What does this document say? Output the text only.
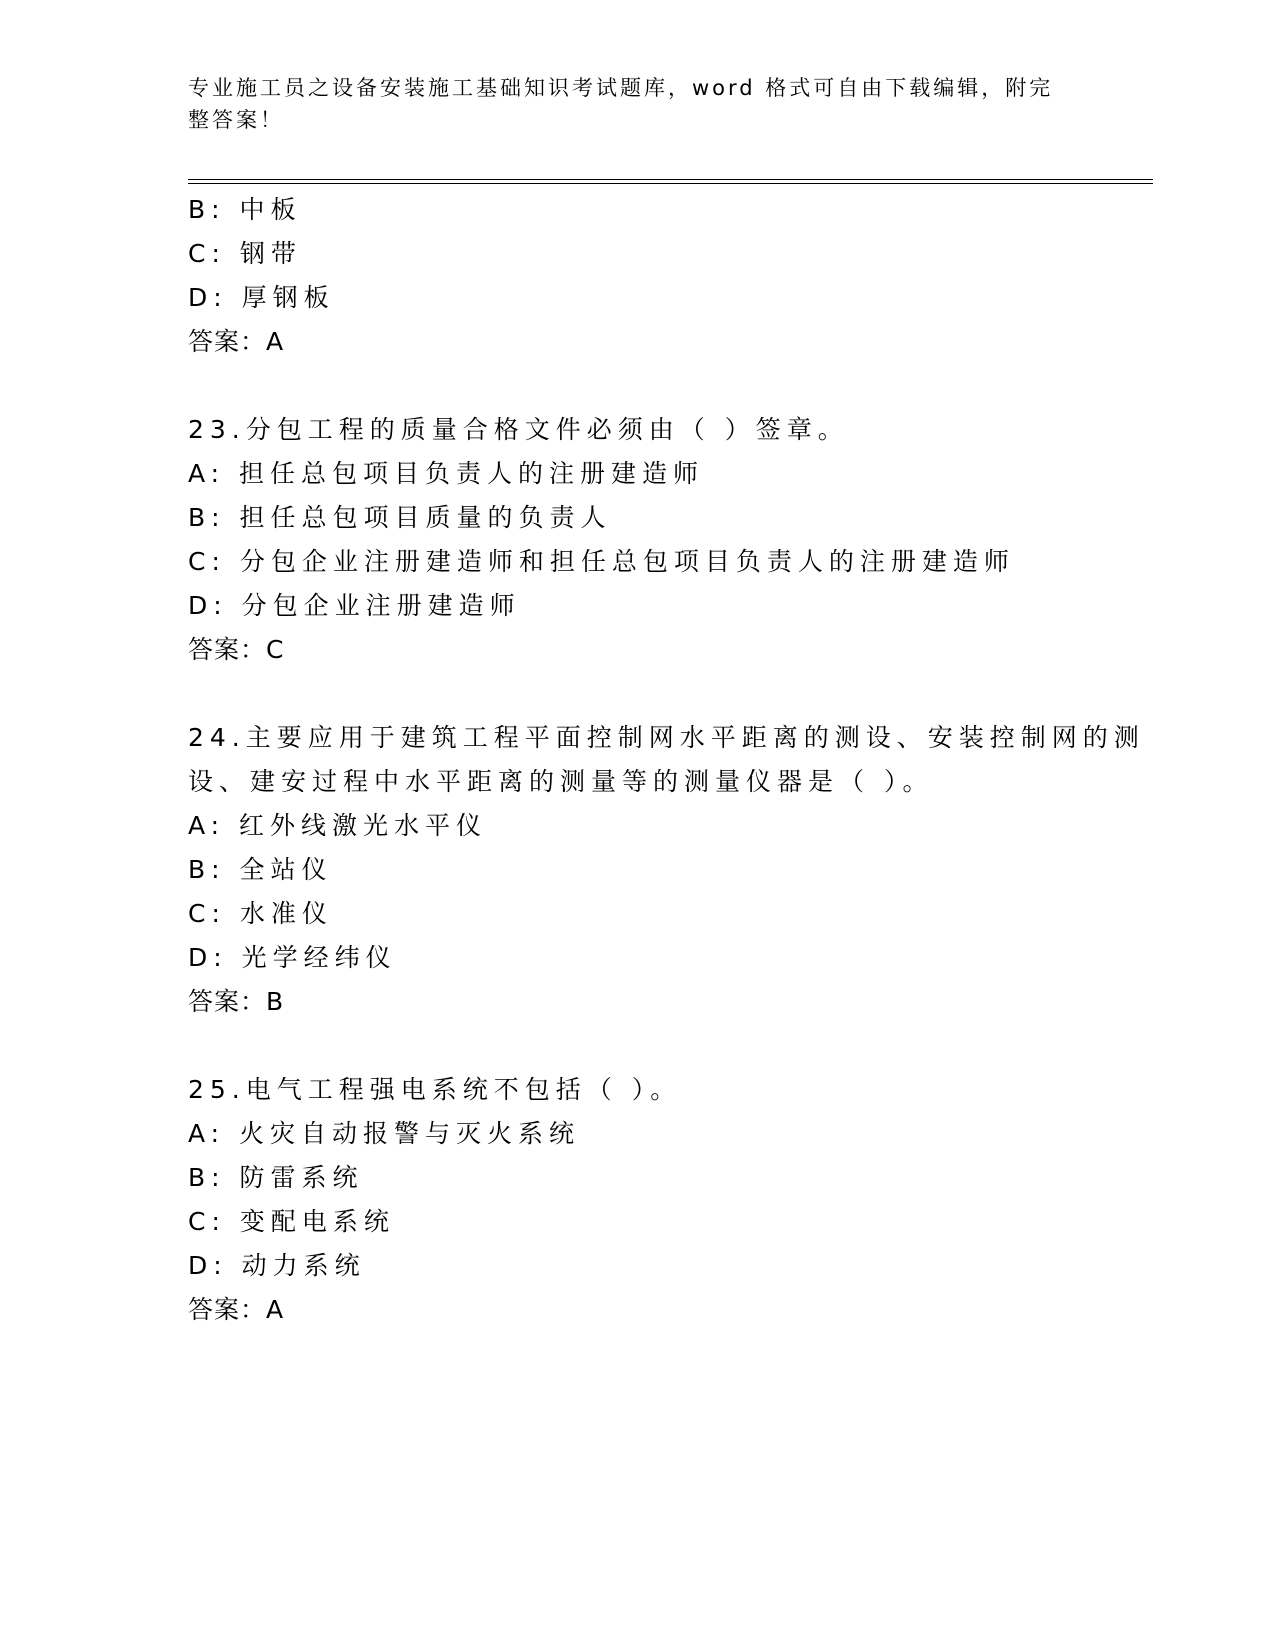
专业施工员之设备安装施工基础知识考试题库，word 格式可自由下载编辑，附完
整答案！
B: 中板
C: 钢带
D: 厚钢板
答案：A
23.分包工程的质量合格文件必须由（ ）签章。
A: 担任总包项目负责人的注册建造师
B: 担任总包项目质量的负责人
C: 分包企业注册建造师和担任总包项目负责人的注册建造师
D: 分包企业注册建造师
答案：C
24.主要应用于建筑工程平面控制网水平距离的测设、安装控制网的测
设、建安过程中水平距离的测量等的测量仪器是（ ）。
A: 红外线激光水平仪
B: 全站仪
C: 水准仪
D: 光学经纬仪
答案：B
25.电气工程强电系统不包括（ ）。
A: 火灾自动报警与灭火系统
B: 防雷系统
C: 变配电系统
D: 动力系统
答案：A
